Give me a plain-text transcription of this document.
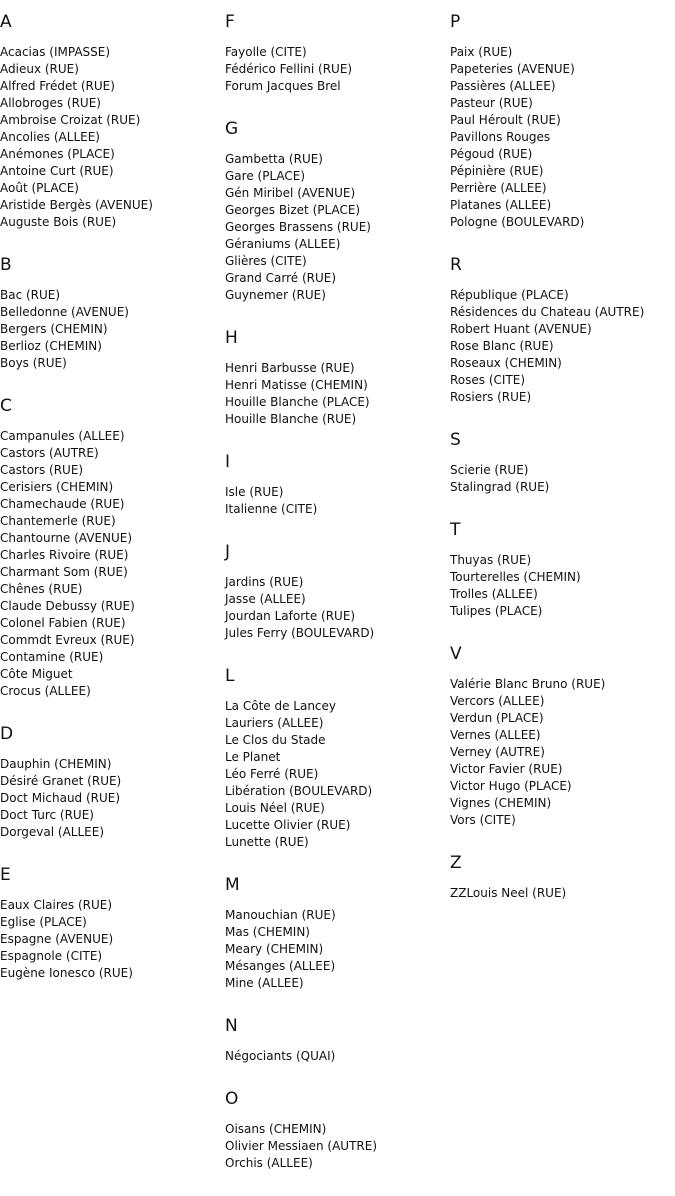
A
Acacias (IMPASSE)
Adieux (RUE)
Alfred Frédet (RUE)
Allobroges (RUE)
Ambroise Croizat (RUE)
Ancolies (ALLEE)
Anémones (PLACE)
Antoine Curt (RUE)
Août (PLACE)
Aristide Bergès (AVENUE)
Auguste Bois (RUE)
B
Bac (RUE)
Belledonne (AVENUE)
Bergers (CHEMIN)
Berlioz (CHEMIN)
Boys (RUE)
C
Campanules (ALLEE)
Castors (AUTRE)
Castors (RUE)
Cerisiers (CHEMIN)
Chamechaude (RUE)
Chantemerle (RUE)
Chantourne (AVENUE)
Charles Rivoire (RUE)
Charmant Som (RUE)
Chênes (RUE)
Claude Debussy (RUE)
Colonel Fabien (RUE)
Commdt Evreux (RUE)
Contamine (RUE)
Côte Miguet
Crocus (ALLEE)
D
Dauphin (CHEMIN)
Désiré Granet (RUE)
Doct Michaud (RUE)
Doct Turc (RUE)
Dorgeval (ALLEE)
E
Eaux Claires (RUE)
Eglise (PLACE)
Espagne (AVENUE)
Espagnole (CITE)
Eugène Ionesco (RUE)
F
Fayolle (CITE)
Fédérico Fellini (RUE)
Forum Jacques Brel
G
Gambetta (RUE)
Gare (PLACE)
Gén Miribel (AVENUE)
Georges Bizet (PLACE)
Georges Brassens (RUE)
Géraniums (ALLEE)
Glières (CITE)
Grand Carré (RUE)
Guynemer (RUE)
H
Henri Barbusse (RUE)
Henri Matisse (CHEMIN)
Houille Blanche (PLACE)
Houille Blanche (RUE)
I
Isle (RUE)
Italienne (CITE)
J
Jardins (RUE)
Jasse (ALLEE)
Jourdan Laforte (RUE)
Jules Ferry (BOULEVARD)
L
La Côte de Lancey
Lauriers (ALLEE)
Le Clos du Stade
Le Planet
Léo Ferré (RUE)
Libération (BOULEVARD)
Louis Néel (RUE)
Lucette Olivier (RUE)
Lunette (RUE)
M
Manouchian (RUE)
Mas (CHEMIN)
Meary (CHEMIN)
Mésanges (ALLEE)
Mine (ALLEE)
N
Négociants (QUAI)
O
Oisans (CHEMIN)
Olivier Messiaen (AUTRE)
Orchis (ALLEE)
P
Paix (RUE)
Papeteries (AVENUE)
Passières (ALLEE)
Pasteur (RUE)
Paul Héroult (RUE)
Pavillons Rouges
Pégoud (RUE)
Pépinière (RUE)
Perrière (ALLEE)
Platanes (ALLEE)
Pologne (BOULEVARD)
R
République (PLACE)
Résidences du Chateau (AUTRE)
Robert Huant (AVENUE)
Rose Blanc (RUE)
Roseaux (CHEMIN)
Roses (CITE)
Rosiers (RUE)
S
Scierie (RUE)
Stalingrad (RUE)
T
Thuyas (RUE)
Tourterelles (CHEMIN)
Trolles (ALLEE)
Tulipes (PLACE)
V
Valérie Blanc Bruno (RUE)
Vercors (ALLEE)
Verdun (PLACE)
Vernes (ALLEE)
Verney (AUTRE)
Victor Favier (RUE)
Victor Hugo (PLACE)
Vignes (CHEMIN)
Vors (CITE)
Z
ZZLouis Neel (RUE)
